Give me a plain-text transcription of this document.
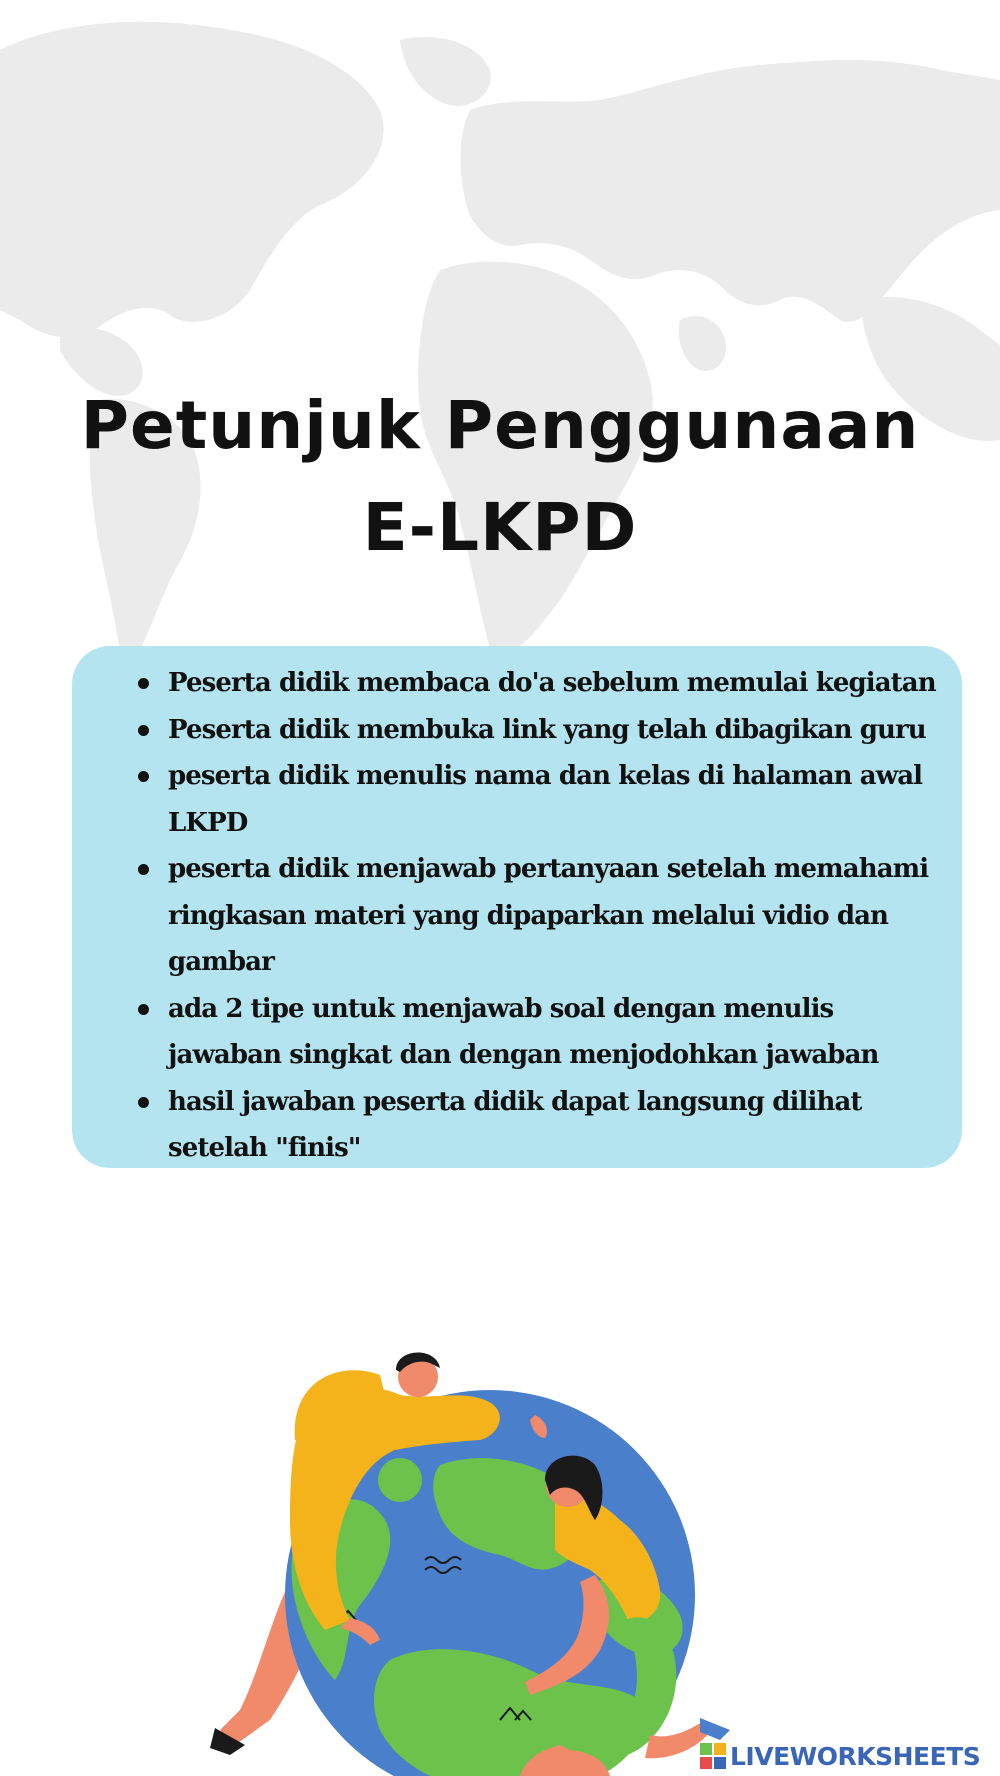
Petunjuk Penggunaan
E-LKPD
Peserta didik membaca do'a sebelum memulai kegiatan
Peserta didik membuka link yang telah dibagikan guru
peserta didik menulis nama dan kelas di halaman awal LKPD
peserta didik menjawab pertanyaan setelah memahami ringkasan materi yang dipaparkan melalui vidio dan gambar
ada 2 tipe untuk menjawab soal dengan menulis jawaban singkat dan dengan menjodohkan jawaban
hasil jawaban peserta didik dapat langsung dilihat setelah "finis"
LIVEWORKSHEETS
